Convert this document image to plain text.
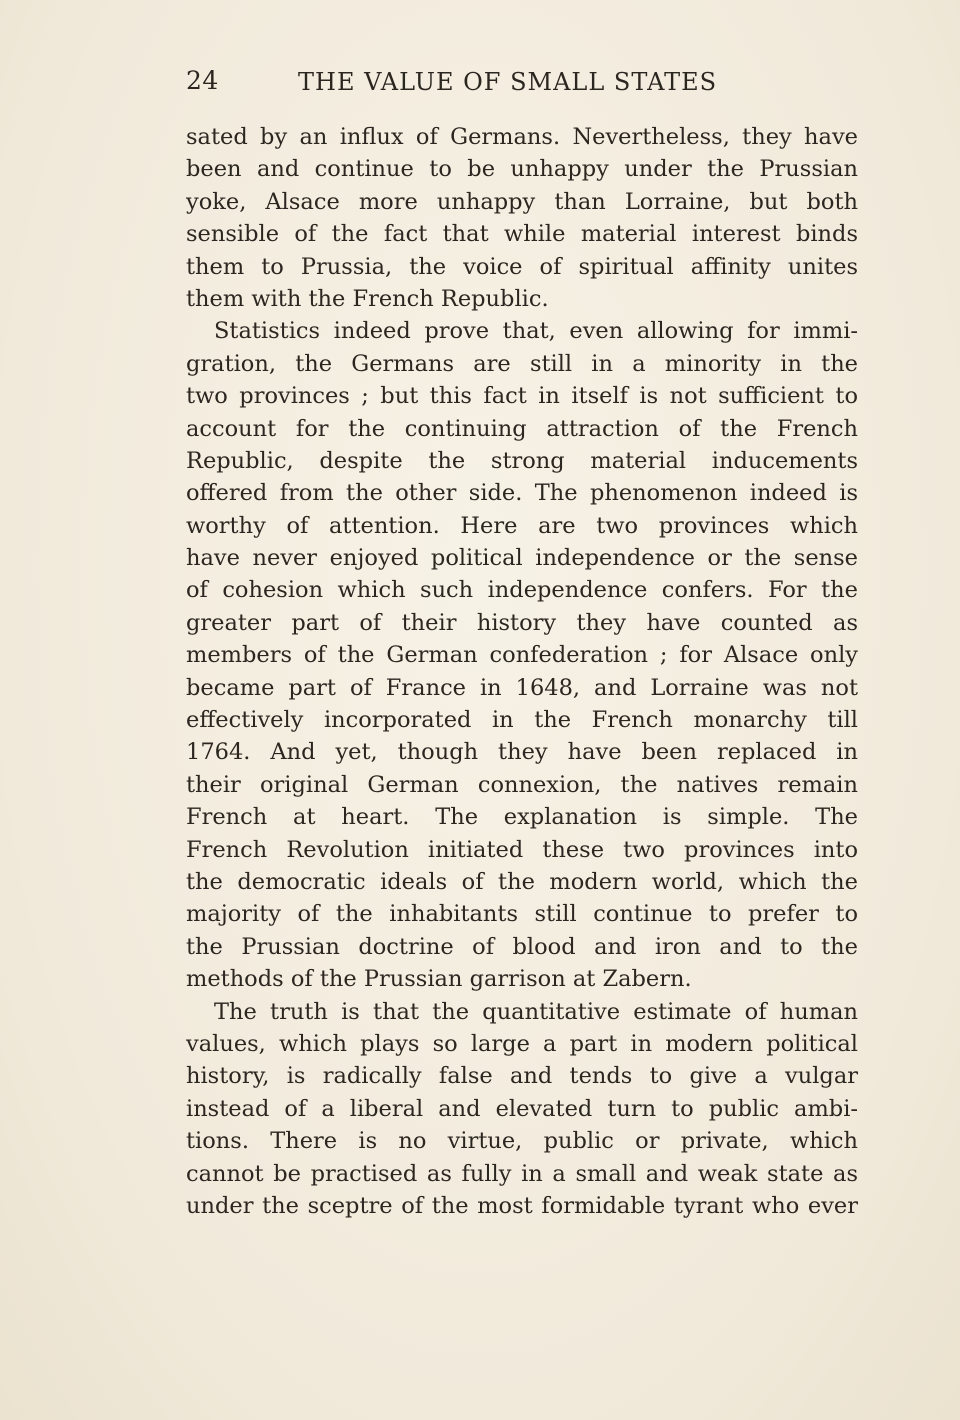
24	THE VALUE OF SMALL STATES
sated by an influx of Germans. Nevertheless, they have
been and continue to be unhappy under the Prussian
yoke, Alsace more unhappy than Lorraine, but both
sensible of the fact that while material interest binds
them to Prussia, the voice of spiritual affinity unites
them with the French Republic.
Statistics indeed prove that, even allowing for immi-
gration, the Germans are still in a minority in the
two provinces ; but this fact in itself is not sufficient to
account for the continuing attraction of the French
Republic, despite the strong material inducements
offered from the other side. The phenomenon indeed is
worthy of attention. Here are two provinces which
have never enjoyed political independence or the sense
of cohesion which such independence confers. For the
greater part of their history they have counted as
members of the German confederation ; for Alsace only
became part of France in 1648, and Lorraine was not
effectively incorporated in the French monarchy till
1764. And yet, though they have been replaced in
their original German connexion, the natives remain
French at heart. The explanation is simple. The
French Revolution initiated these two provinces into
the democratic ideals of the modern world, which the
majority of the inhabitants still continue to prefer to
the Prussian doctrine of blood and iron and to the
methods of the Prussian garrison at Zabern.
The truth is that the quantitative estimate of human
values, which plays so large a part in modern political
history, is radically false and tends to give a vulgar
instead of a liberal and elevated turn to public ambi-
tions. There is no virtue, public or private, which
cannot be practised as fully in a small and weak state as
under the sceptre of the most formidable tyrant who ever
